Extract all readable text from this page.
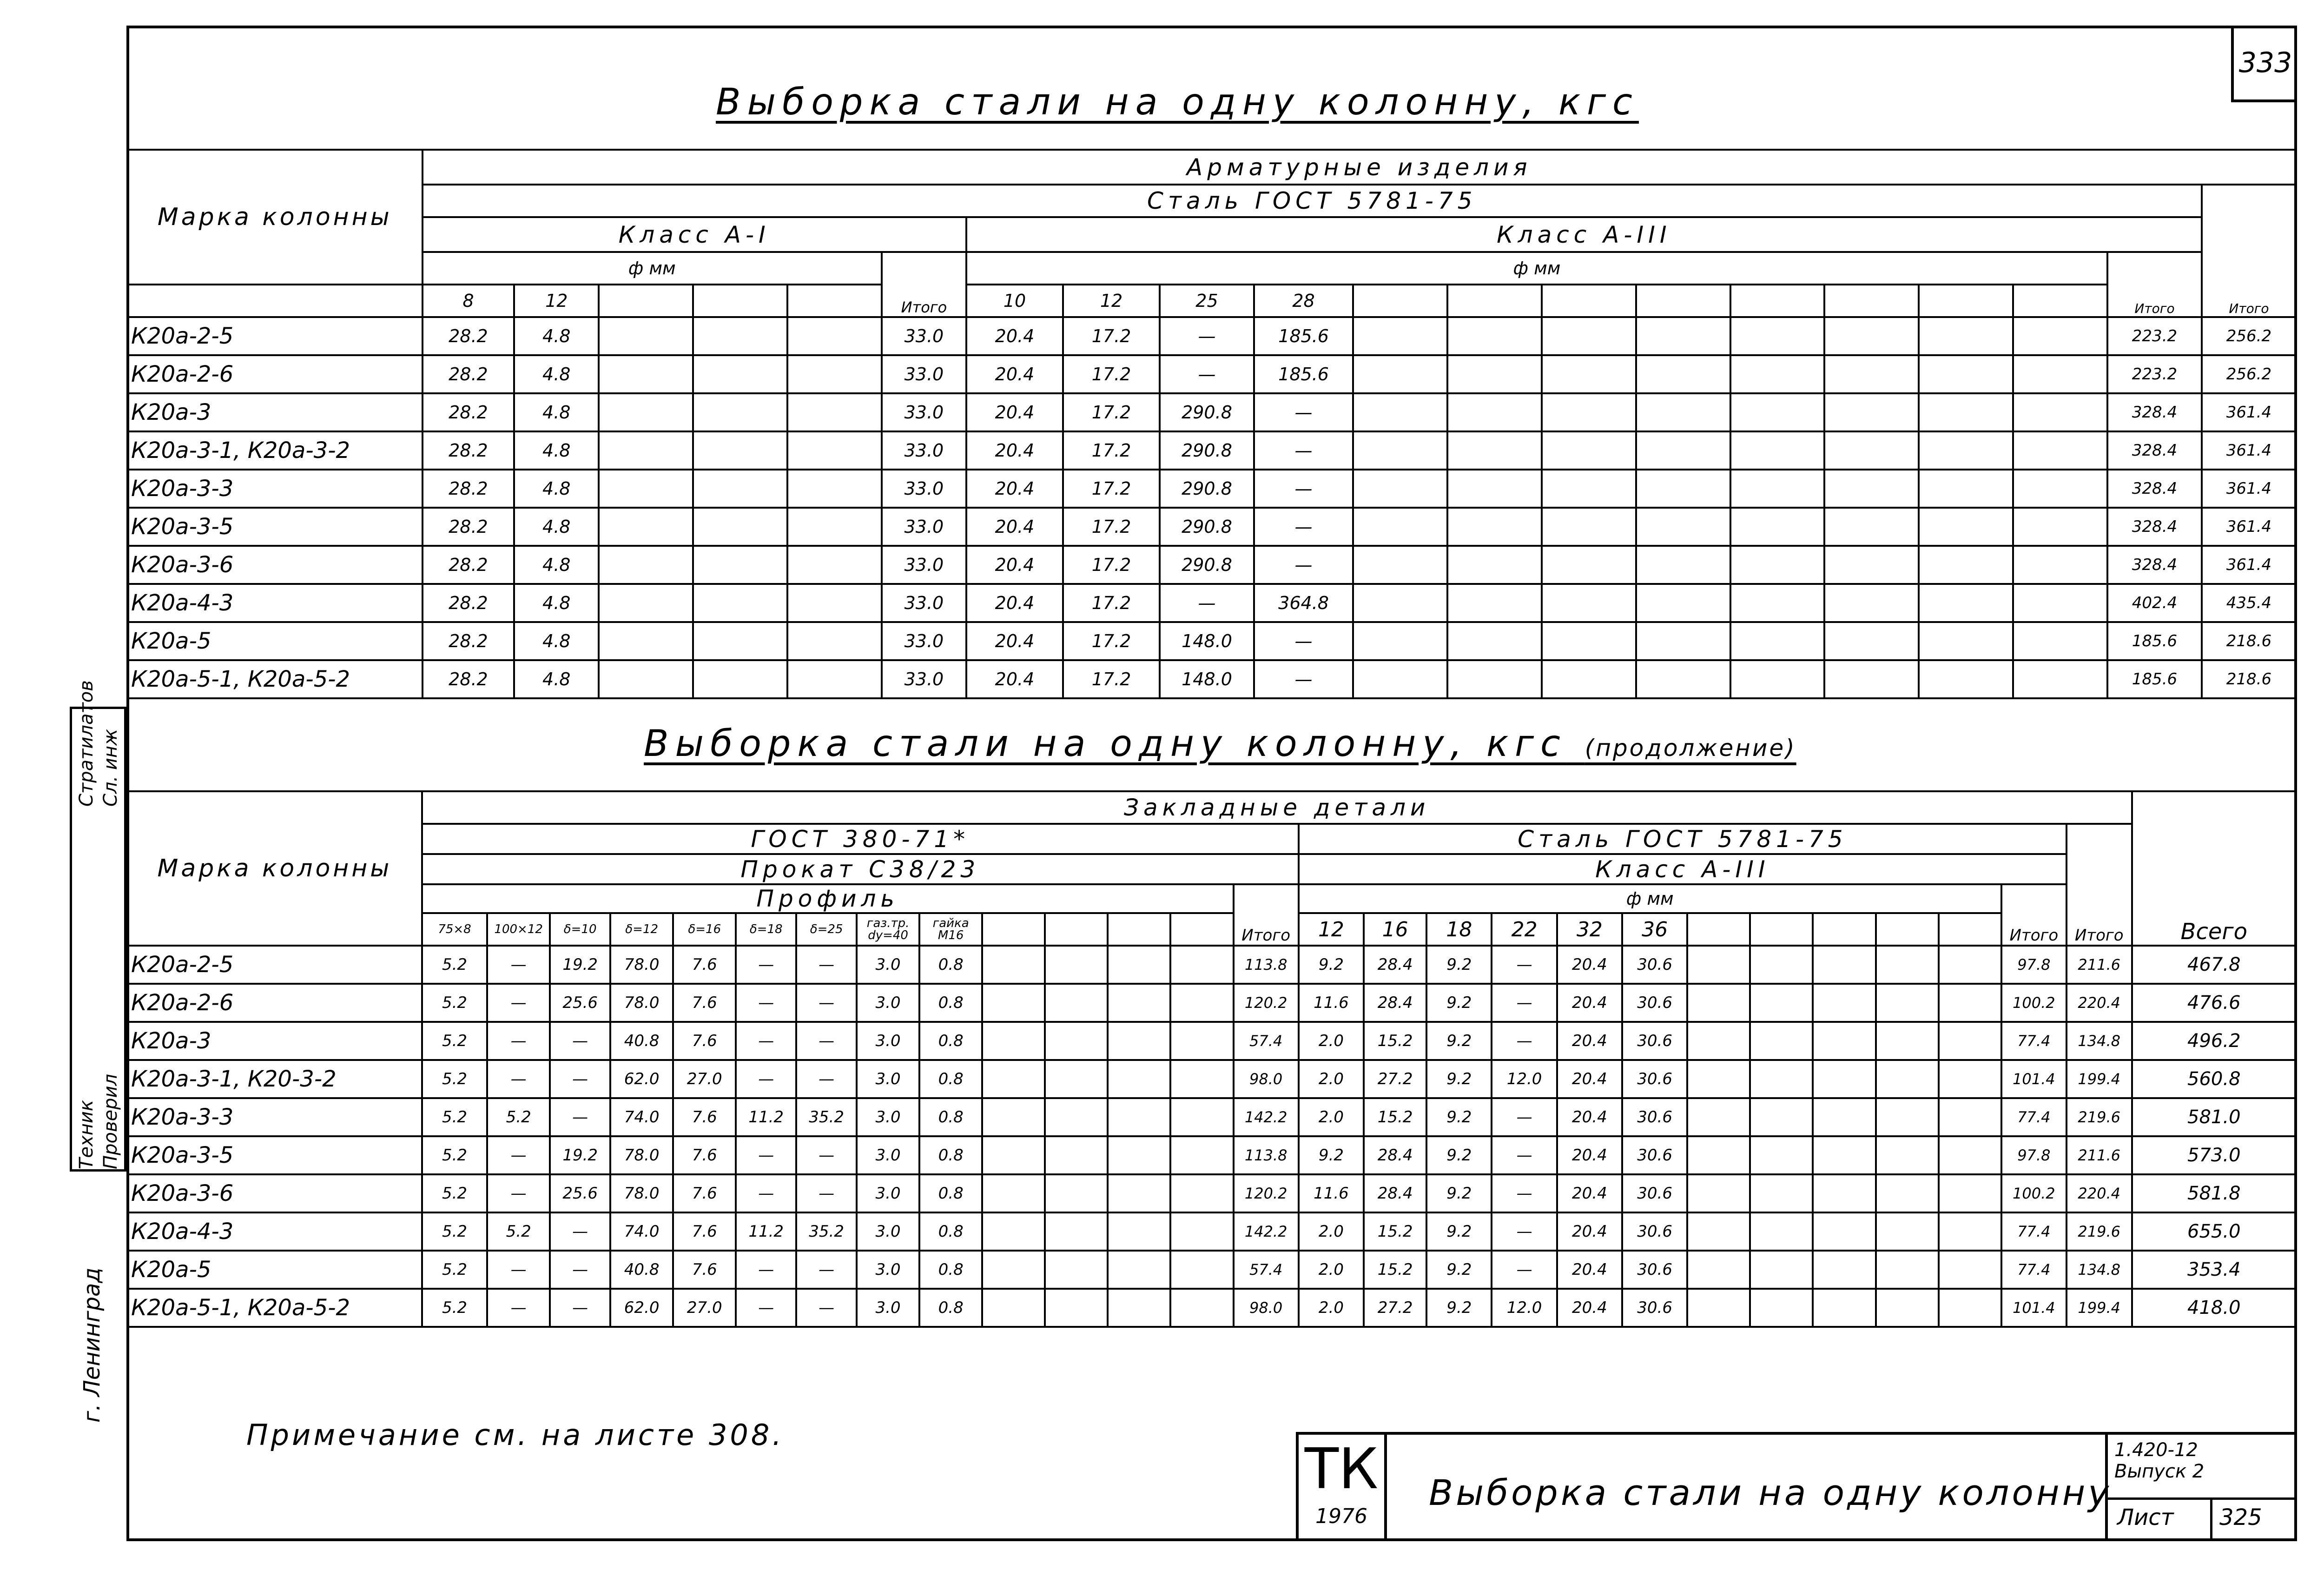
333
Выборка стали на одну колонну, кгс
Марка колонны	Арматурные изделия																			
	Сталь ГОСТ 5781-75																			Итого
	Класс А-I						Класс А-III													
	ф мм					Итого	ф мм												Итого	
	8	12					10	12	25	28										
К20а-2-5	28.2	4.8				33.0	20.4	17.2	—	185.6									223.2	256.2
К20а-2-6	28.2	4.8				33.0	20.4	17.2	—	185.6									223.2	256.2
К20а-3	28.2	4.8				33.0	20.4	17.2	290.8	—									328.4	361.4
К20а-3-1, К20а-3-2	28.2	4.8				33.0	20.4	17.2	290.8	—									328.4	361.4
К20а-3-3	28.2	4.8				33.0	20.4	17.2	290.8	—									328.4	361.4
К20а-3-5	28.2	4.8				33.0	20.4	17.2	290.8	—									328.4	361.4
К20а-3-6	28.2	4.8				33.0	20.4	17.2	290.8	—									328.4	361.4
К20а-4-3	28.2	4.8				33.0	20.4	17.2	—	364.8									402.4	435.4
К20а-5	28.2	4.8				33.0	20.4	17.2	148.0	—									185.6	218.6
К20а-5-1, К20а-5-2	28.2	4.8				33.0	20.4	17.2	148.0	—									185.6	218.6
Выборка стали на одну колонну, кгс (продолжение)
Марка колонны	Закладные детали																											Всего
	ГОСТ 380-71*														Сталь ГОСТ 5781-75												Итого	
	Прокат С38/23														Класс А-III													
	Профиль													Итого	ф мм											Итого		
	75×8	100×12	δ=10	δ=12	δ=16	δ=18	δ=25	газ.тр. dy=40	гайка M16						12	16	18	22	32	36								
К20а-2-5	5.2	—	19.2	78.0	7.6	—	—	3.0	0.8					113.8	9.2	28.4	9.2	—	20.4	30.6						97.8	211.6	467.8
К20а-2-6	5.2	—	25.6	78.0	7.6	—	—	3.0	0.8					120.2	11.6	28.4	9.2	—	20.4	30.6						100.2	220.4	476.6
К20а-3	5.2	—	—	40.8	7.6	—	—	3.0	0.8					57.4	2.0	15.2	9.2	—	20.4	30.6						77.4	134.8	496.2
К20а-3-1, К20-3-2	5.2	—	—	62.0	27.0	—	—	3.0	0.8					98.0	2.0	27.2	9.2	12.0	20.4	30.6						101.4	199.4	560.8
К20а-3-3	5.2	5.2	—	74.0	7.6	11.2	35.2	3.0	0.8					142.2	2.0	15.2	9.2	—	20.4	30.6						77.4	219.6	581.0
К20а-3-5	5.2	—	19.2	78.0	7.6	—	—	3.0	0.8					113.8	9.2	28.4	9.2	—	20.4	30.6						97.8	211.6	573.0
К20а-3-6	5.2	—	25.6	78.0	7.6	—	—	3.0	0.8					120.2	11.6	28.4	9.2	—	20.4	30.6						100.2	220.4	581.8
К20а-4-3	5.2	5.2	—	74.0	7.6	11.2	35.2	3.0	0.8					142.2	2.0	15.2	9.2	—	20.4	30.6						77.4	219.6	655.0
К20а-5	5.2	—	—	40.8	7.6	—	—	3.0	0.8					57.4	2.0	15.2	9.2	—	20.4	30.6						77.4	134.8	353.4
К20а-5-1, К20а-5-2	5.2	—	—	62.0	27.0	—	—	3.0	0.8					98.0	2.0	27.2	9.2	12.0	20.4	30.6						101.4	199.4	418.0
Примечание см. на листе 308.
ТК
1976
Выборка стали на одну колонну
1.420-12
Выпуск 2
Лист 325
Стратилатов Сл. инж
Техник Проверил
г. Ленинград
